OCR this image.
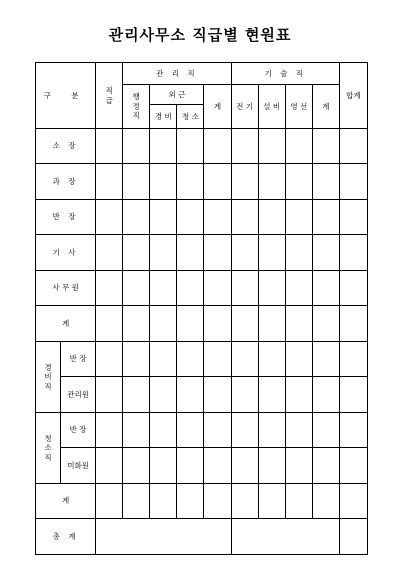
관리사무소 직급별 현원표
구 분		직급	관 리 직				기 술 직				합계
			행정직	외 근		계	전 기	설 비	영 선	계	
				경 비	청 소						
소 장											
과 장											
반 장											
기 사											
사 무 원											
계											
경비직	반 장										
	관리원										
청소직	반 장										
	미화원										
계											
총 계											
